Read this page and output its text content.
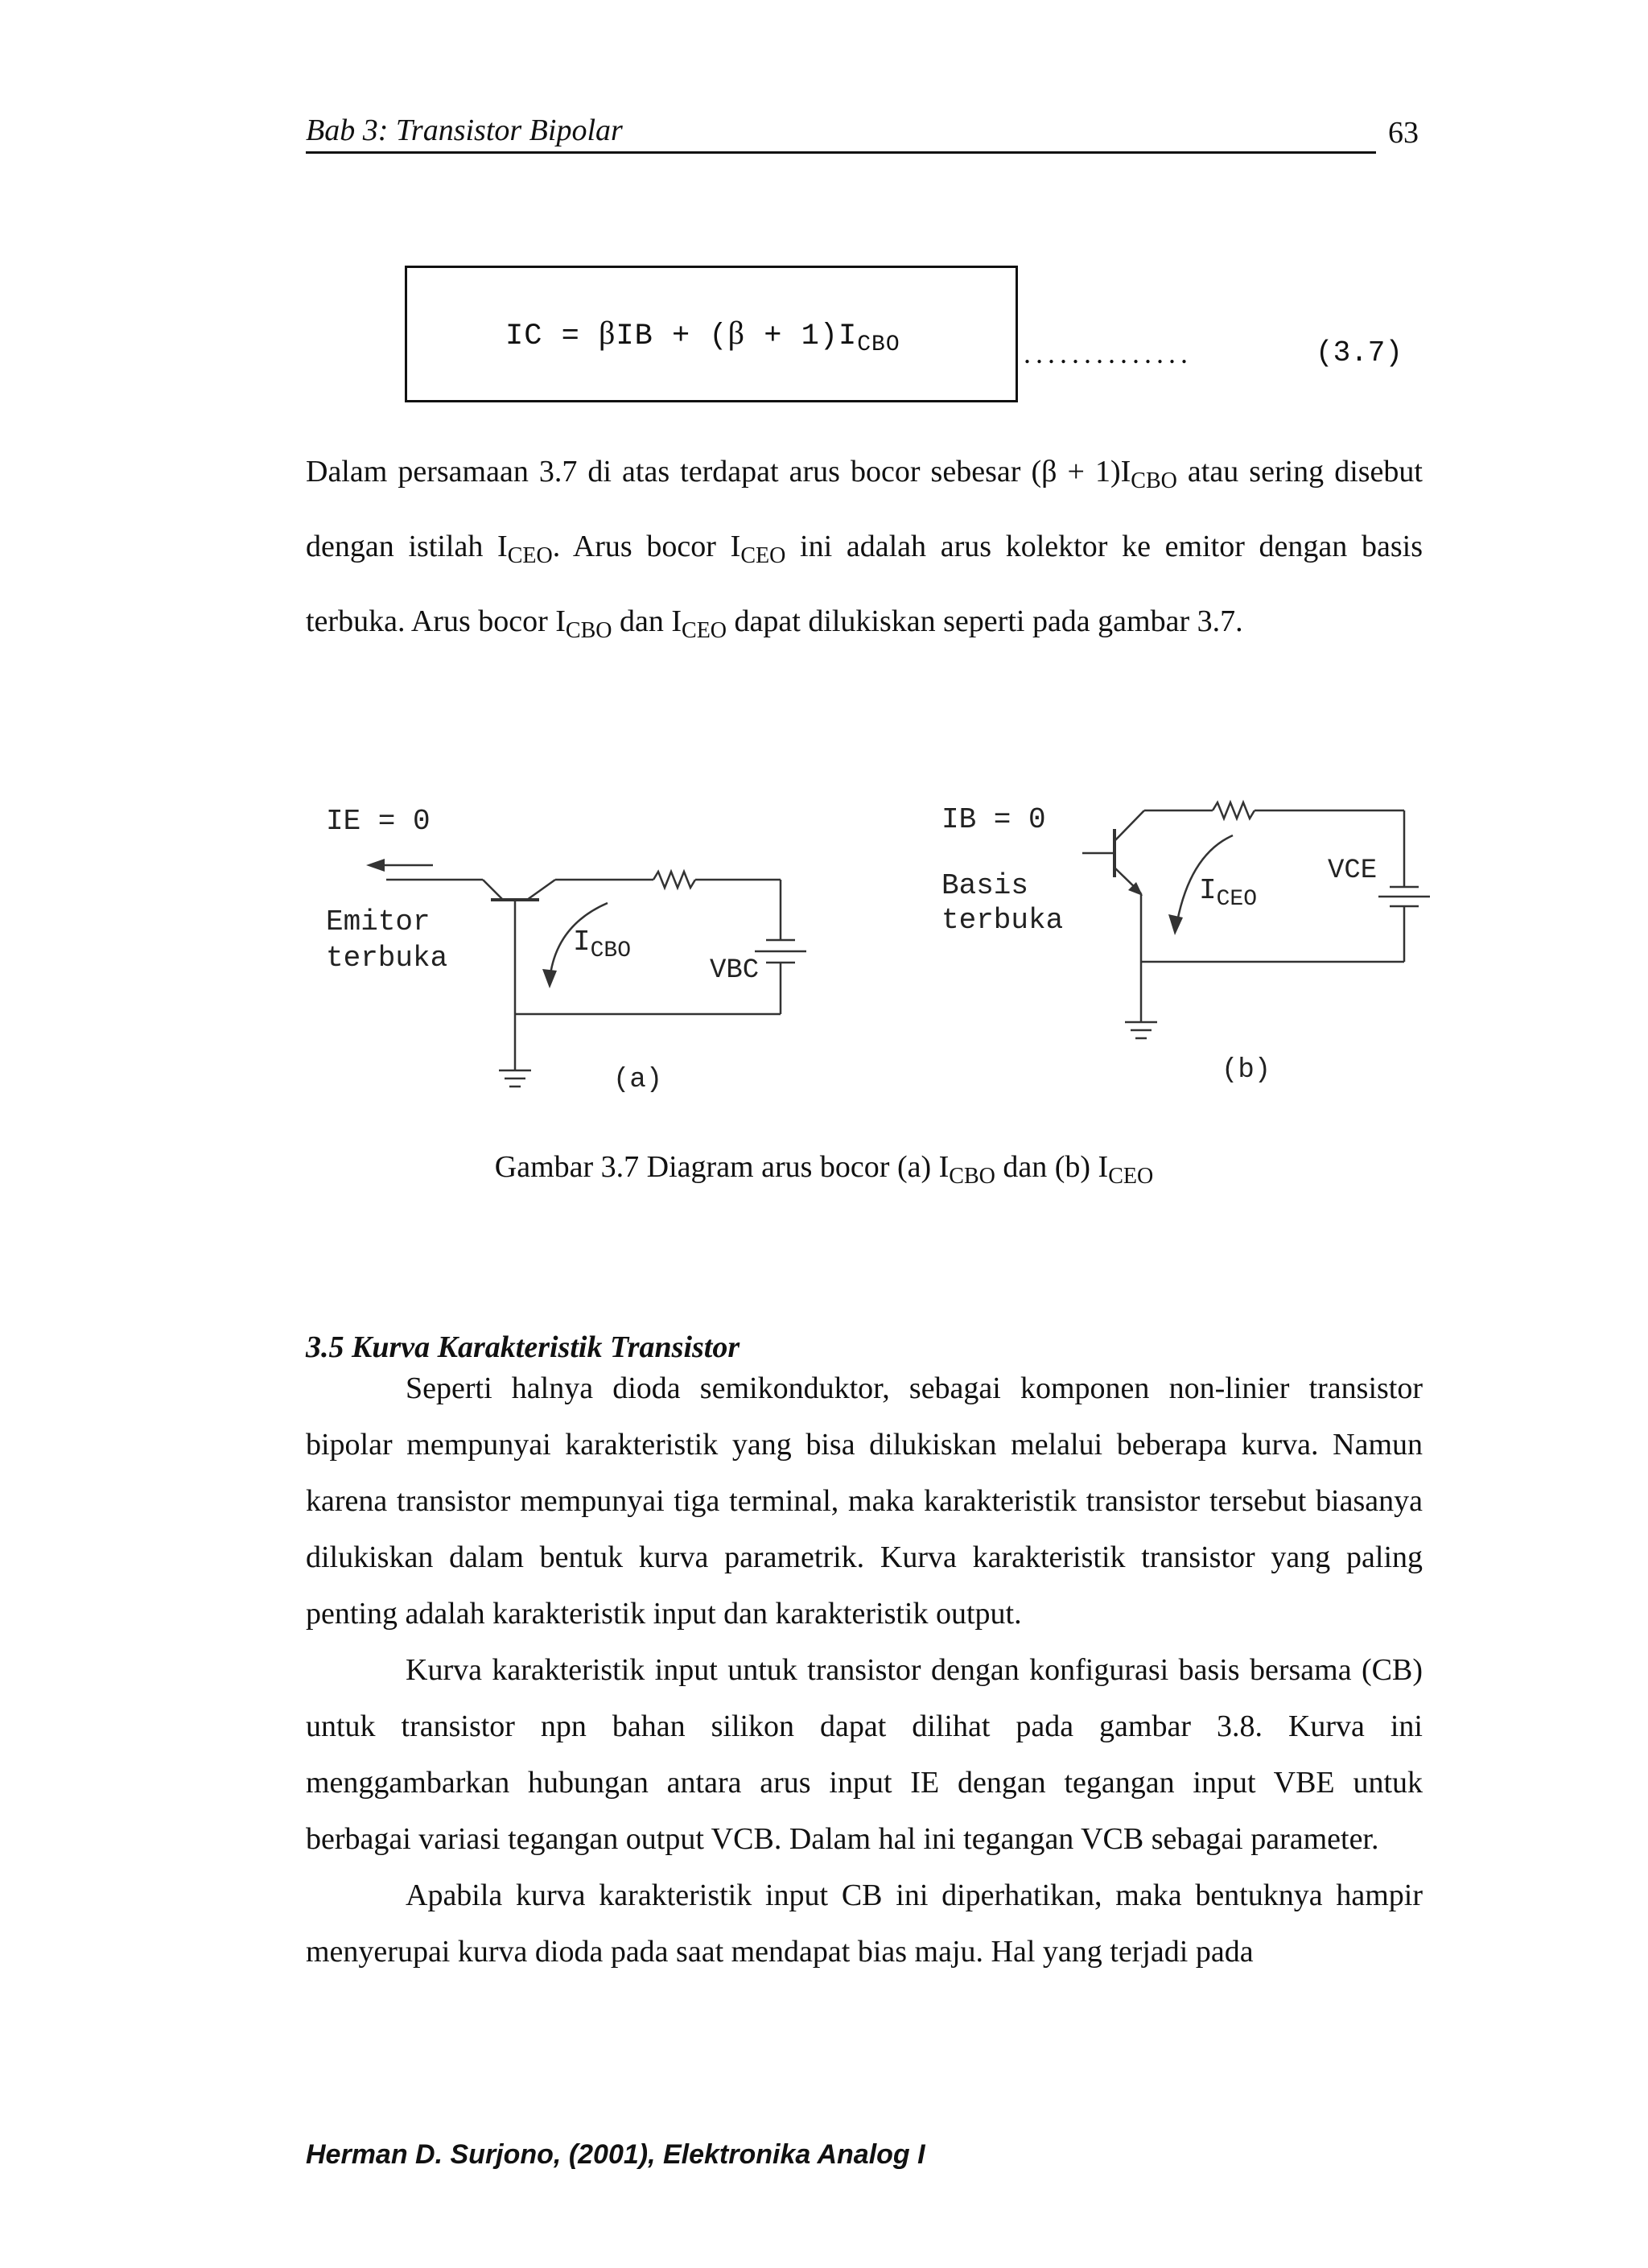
Bab 3: Transistor Bipolar	63
IC = $\beta IB + (\beta + 1)I_{CBO}$	..............	(3.7)

Dalam persamaan 3.7 di atas terdapat arus bocor sebesar $(\beta + 1)I_{CBO}$ atau sering disebut dengan istilah $I_{CEO}$. Arus bocor $I_{CEO}$ ini adalah arus kolektor ke emitor dengan basis terbuka. Arus bocor $I_{CBO}$ dan $I_{CEO}$ dapat dilukiskan seperti pada gambar 3.7.

IE = 0
Emitor
terbuka	$I_{CBO}$
VBC
(a)
IB = 0
Basis
terbuka
$I_{CEO}$
VCE
(b)
Gambar 3.7 Diagram arus bocor (a) $I_{CBO}$ dan (b) $I_{CEO}$
3.5 Kurva Karakteristik Transistor

Seperti halnya dioda semikonduktor, sebagai komponen non-linier transistor bipolar mempunyai karakteristik yang bisa dilukiskan melalui beberapa kurva. Namun karena transistor mempunyai tiga terminal, maka karakteristik transistor tersebut biasanya dilukiskan dalam bentuk kurva parametrik. Kurva karakteristik transistor yang paling penting adalah karakteristik input dan karakteristik output.

Kurva karakteristik input untuk transistor dengan konfigurasi basis bersama (CB) untuk transistor npn bahan silikon dapat dilihat pada gambar 3.8. Kurva ini menggambarkan hubungan antara arus input IE dengan tegangan input VBE untuk berbagai variasi tegangan output VCB. Dalam hal ini tegangan VCB sebagai parameter.

Apabila kurva karakteristik input CB ini diperhatikan, maka bentuknya hampir menyerupai kurva dioda pada saat mendapat bias maju. Hal yang terjadi pada

Herman D. Surjono, (2001), Elektronika Analog I
